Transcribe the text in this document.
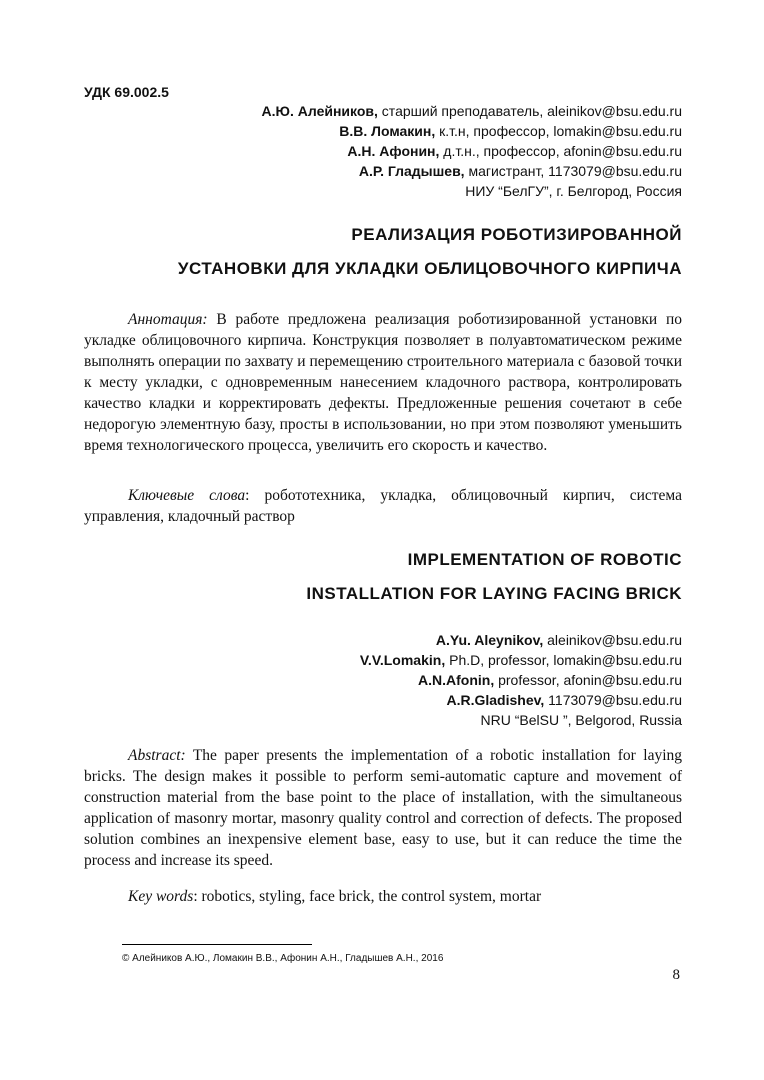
УДК 69.002.5
А.Ю. Алейников, старший преподаватель, aleinikov@bsu.edu.ru
В.В. Ломакин, к.т.н, профессор, lomakin@bsu.edu.ru
А.Н. Афонин, д.т.н., профессор, afonin@bsu.edu.ru
А.Р. Гладышев, магистрант, 1173079@bsu.edu.ru
НИУ “БелГУ”, г. Белгород, Россия
РЕАЛИЗАЦИЯ РОБОТИЗИРОВАННОЙ
УСТАНОВКИ ДЛЯ УКЛАДКИ ОБЛИЦОВОЧНОГО КИРПИЧА

Аннотация: В работе предложена реализация роботизированной установки по укладке облицовочного кирпича. Конструкция позволяет в полуавтоматическом режиме выполнять операции по захвату и перемещению строительного материала с базовой точки к месту укладки, с одновременным нанесением кладочного раствора, контролировать качество кладки и корректировать дефекты. Предложенные решения сочетают в себе недорогую элементную базу, просты в использовании, но при этом позволяют уменьшить время технологического процесса, увеличить его скорость и качество.

Ключевые слова: робототехника, укладка, облицовочный кирпич, система управления, кладочный раствор

IMPLEMENTATION OF ROBOTIC
INSTALLATION FOR LAYING FACING BRICK
A.Yu. Aleynikov, aleinikov@bsu.edu.ru
V.V.Lomakin, Ph.D, professor, lomakin@bsu.edu.ru
A.N.Afonin, professor, afonin@bsu.edu.ru
A.R.Gladishev, 1173079@bsu.edu.ru
NRU “BelSU ”, Belgorod, Russia

Abstract: The paper presents the implementation of a robotic installation for laying bricks. The design makes it possible to perform semi-automatic capture and movement of construction material from the base point to the place of installation, with the simultaneous application of masonry mortar, masonry quality control and correction of defects. The proposed solution combines an inexpensive element base, easy to use, but it can reduce the time the process and increase its speed.

Key words: robotics, styling, face brick, the control system, mortar

© Алейников А.Ю., Ломакин В.В., Афонин А.Н., Гладышев А.Н., 2016
8
